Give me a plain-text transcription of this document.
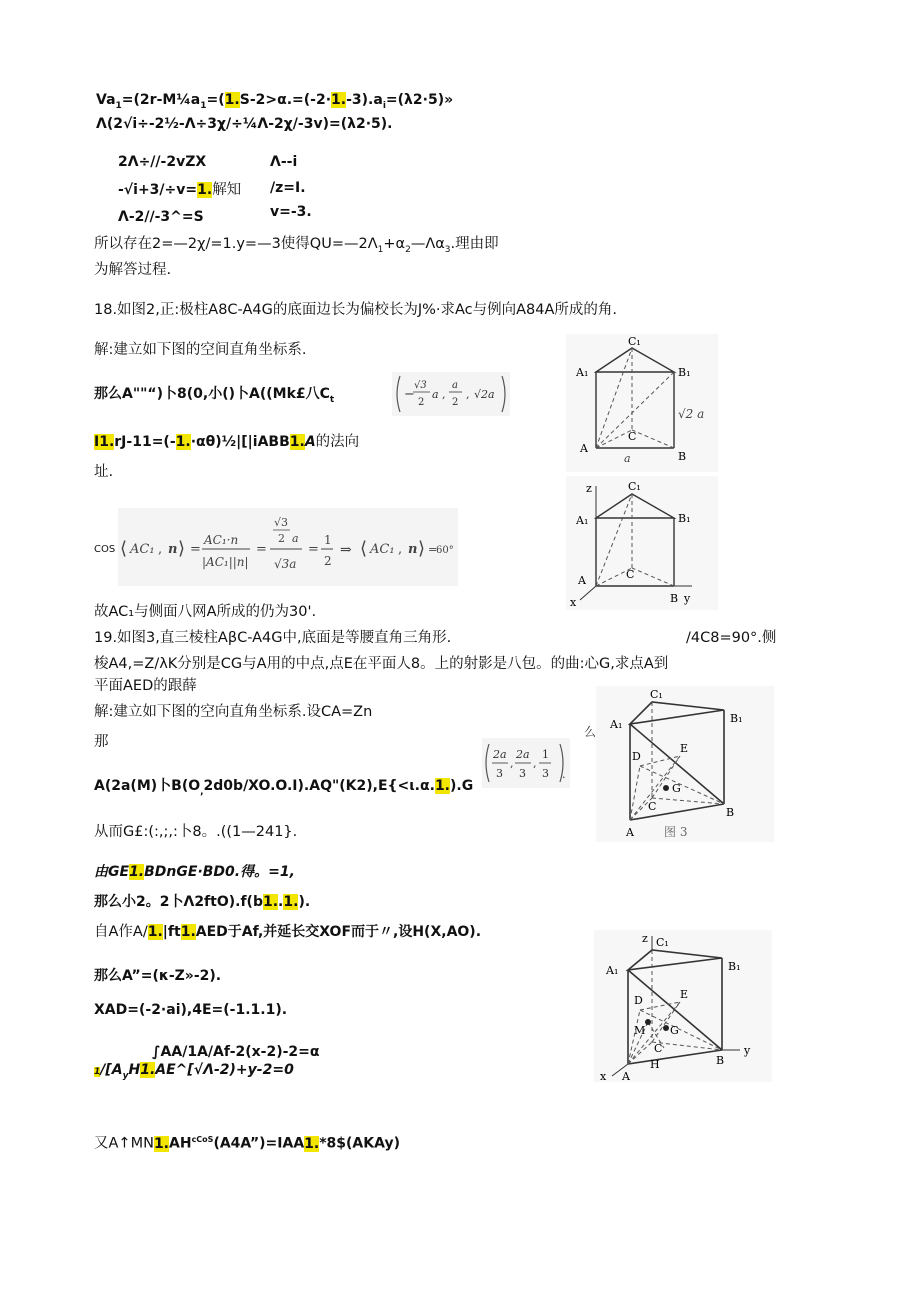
$Va_1=(2r-M\frac{1}{4}a_1=(1.S-2>\alpha.=(-2\cdot 1.-3).a_i=(\lambda 2\cdot 5)$»
Λ(2√i÷-2½-Λ÷3χ/÷¼Λ-2χ/-3v)=(λ2·5).
2Λ÷//-2vZX	Λ--i
-√i+3/÷v=1.解知 /z=I.
Λ-2/∕-3^=S	v=-3.
所以存在2=—2χ/=1.y=—3使得$QU=—2\Lambda_1+\alpha_2—\Lambda\alpha_3$.理由即
为解答过程.
18.如图2,正:极柱A8C-A4G的底面边长为偏校长为J%·求Ac与例向A84A所成的角.
解:建立如下图的空间直角坐标系.
那么A""“)卜8(0,小()卜A((Mk£八$C_t$	−
√3
2
a ,
a
2
, √2a
I1.rJ-11=(-1.·αθ)½|[|iABB1.A的法向
址.
COS ⟨ AC₁ , n ⟩ =
AC₁·n
|AC₁||n|
=
√3
2 a
√3a
=
1
2
⇒ ⟨ AC₁ , n ⟩ =
60°
故AC₁与侧面八网A所成的仍为30'.
19.如图3,直三棱柱AβC-A4G中,底面是等腰直角三角形.	/4C8=90°.侧
梭A4,=Z/λK分别是CG与A用的中点,点E在平面人8。上的射影是八包。的曲:心G,求点A到
平面AED的跟薛
解:建立如下图的空向直角坐标系.设CA=Zn
那
么
2a
3
,
2a
3
,
1
3 .
A(2a(M)卜$B(O_,2d0b/XO.O.I).AQ"(K2),E\{<\iota.\alpha.1.).G$
从而G£:(:,;,:卜8。.((1—241}.
由GE1.BDnGE·BD0.得。=1,
那么小2。2卜Λ2ftO).f(b1..1.).
自A作A/1.|ft1.AED于Af,并延长交XOF而于〃,设H(X,AO).
那么A”=(κ-Z»-2).
XAD=(-2·ai),4E=(-1.1.1).
∫AA/1A/Af-2(x-2)-2=α
$1/[A_yH1.AE\^{}[√\Lambda-2)+y-2=0$
又$A↑MN1.AH^{cCoS}(A4A”)=IAA1.*8\$(AKAy)$
C₁
A₁	B₁
A
B
C
√2 a
a
z	C₁
A₁	B₁
A
B
C
x	y
C₁
A₁	B₁
D
E
G
C
A
B
图 3
z C₁
A₁	B₁
D	E
M G
C
H
A
B
x
y
